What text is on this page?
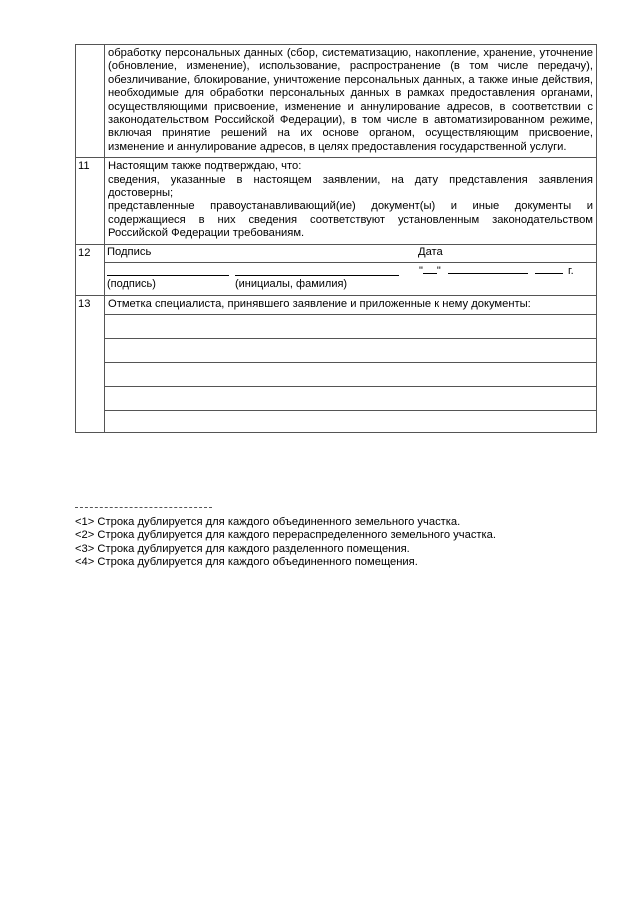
	обработку персональных данных (сбор, систематизацию, накопление, хранение, уточнение (обновление, изменение), использование, распространение (в том числе передачу), обезличивание, блокирование, уничтожение персональных данных, а также иные действия, необходимые для обработки персональных данных в рамках предоставления органами, осуществляющими присвоение, изменение и аннулирование адресов, в соответствии с законодательством Российской Федерации), в том числе в автоматизированном режиме, включая принятие решений на их основе органом, осуществляющим присвоение, изменение и аннулирование адресов, в целях предоставления государственной услуги.
11	Настоящим также подтверждаю, что:
сведения, указанные в настоящем заявлении, на дату представления заявления достоверны;
представленные правоустанавливающий(ие) документ(ы) и иные документы и содержащиеся в них сведения соответствуют установленным законодательством Российской Федерации требованиям.

12	Подпись	Дата

(подпись)	(инициалы, фамилия)

" "	г.

13	Отметка специалиста, принявшего заявление и приложенные к нему документы:

<1> Строка дублируется для каждого объединенного земельного участка.
<2> Строка дублируется для каждого перераспределенного земельного участка.
<3> Строка дублируется для каждого разделенного помещения.
<4> Строка дублируется для каждого объединенного помещения.
